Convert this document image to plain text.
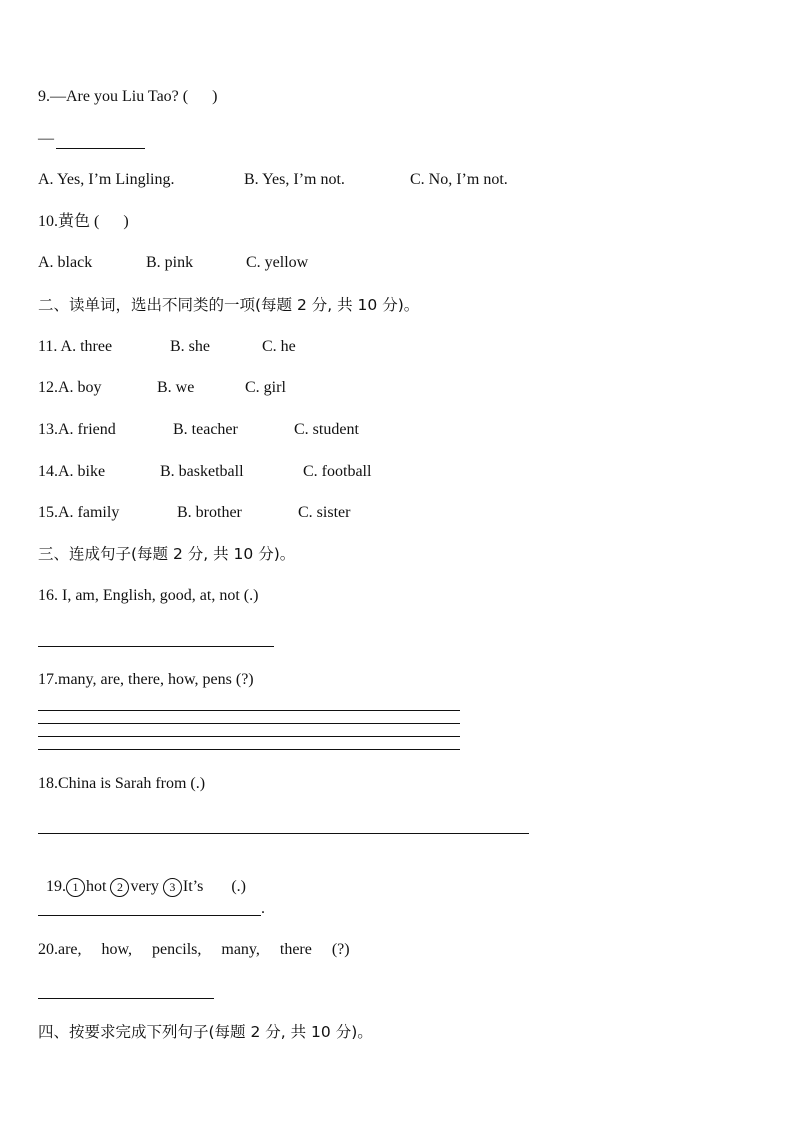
9.—Are you Liu Tao? (      )
—
A. Yes, I’m Lingling.	B. Yes, I’m not.	C. No, I’m not.
10.黄色 (      )
A. black	B. pink	C. yellow
二、读单词，选出不同类的一项(每题 2 分, 共 10 分)。
11. A. three	B. she	C. he
12.A. boy	B. we	C. girl
13.A. friend	B. teacher	C. student
14.A. bike	B. basketball	C. football
15.A. family	B. brother	C. sister
三、连成句子(每题 2 分, 共 10 分)。
16. I, am, English, good, at, not (.)
17.many, are, there, how, pens (?)
18.China is Sarah from (.)

19. 1 hot 2 very 3 It’s (.)

.
20.are,     how,     pencils,     many,     there     (?)
四、按要求完成下列句子(每题 2 分, 共 10 分)。
